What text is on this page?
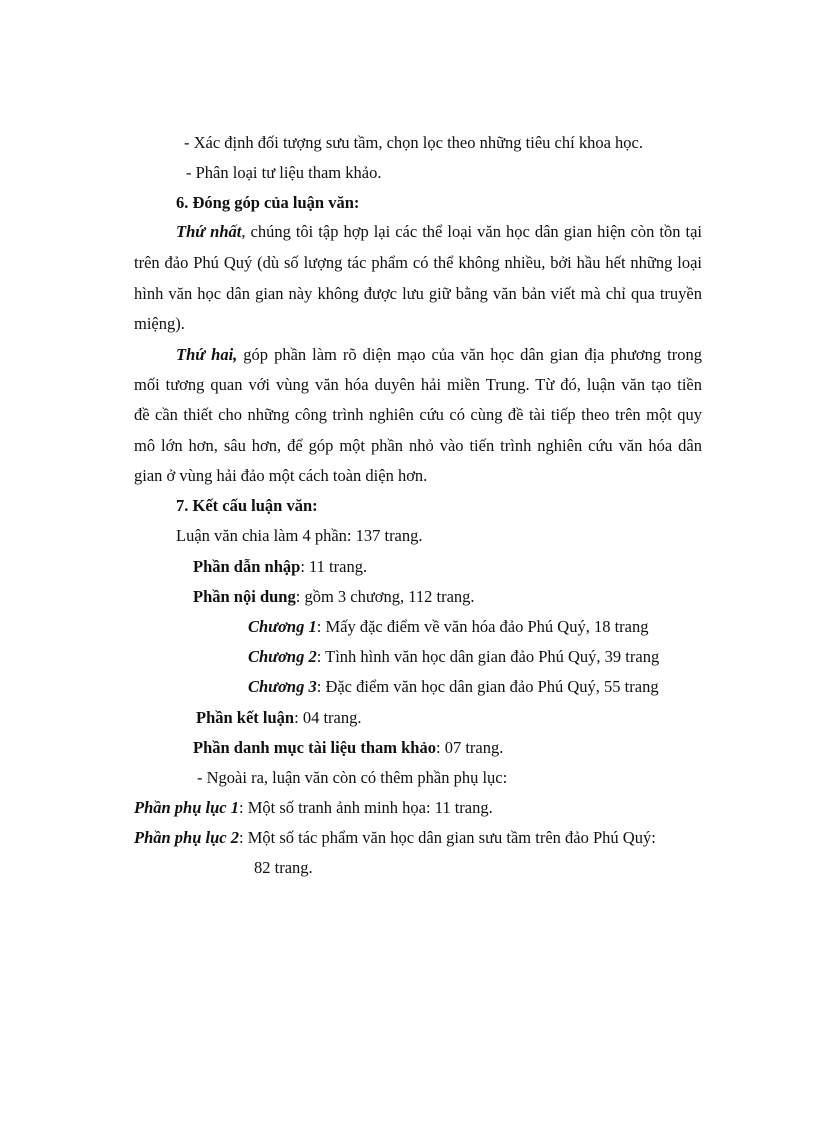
- Xác định đối tượng sưu tầm, chọn lọc theo những tiêu chí khoa học.
- Phân loại tư liệu tham khảo.
6. Đóng góp của luận văn:
Thứ nhất, chúng tôi tập hợp lại các thể loại văn học dân gian hiện còn tồn tại
trên đảo Phú Quý (dù số lượng tác phẩm có thể không nhiều, bởi hầu hết những loại
hình văn học dân gian này không được lưu giữ bằng văn bản viết mà chỉ qua truyền
miệng).
Thứ hai, góp phần làm rõ diện mạo của văn học dân gian địa phương trong
mối tương quan với vùng văn hóa duyên hải miền Trung. Từ đó, luận văn tạo tiền
đề cần thiết cho những công trình nghiên cứu có cùng đề tài tiếp theo trên một quy
mô lớn hơn, sâu hơn, để góp một phần nhỏ vào tiến trình nghiên cứu văn hóa dân
gian ở vùng hải đảo một cách toàn diện hơn.
7. Kết cấu luận văn:
Luận văn chia làm 4 phần: 137 trang.
Phần dẫn nhập: 11 trang.
Phần nội dung: gồm 3 chương, 112 trang.
Chương 1: Mấy đặc điểm về văn hóa đảo Phú Quý, 18 trang
Chương 2: Tình hình văn học dân gian đảo Phú Quý, 39 trang
Chương 3: Đặc điểm văn học dân gian đảo Phú Quý, 55 trang
Phần kết luận: 04 trang.
Phần danh mục tài liệu tham khảo: 07 trang.
- Ngoài ra, luận văn còn có thêm phần phụ lục:
Phần phụ lục 1: Một số tranh ảnh minh họa: 11 trang.
Phần phụ lục 2: Một số tác phẩm văn học dân gian sưu tầm trên đảo Phú Quý:
82 trang.
